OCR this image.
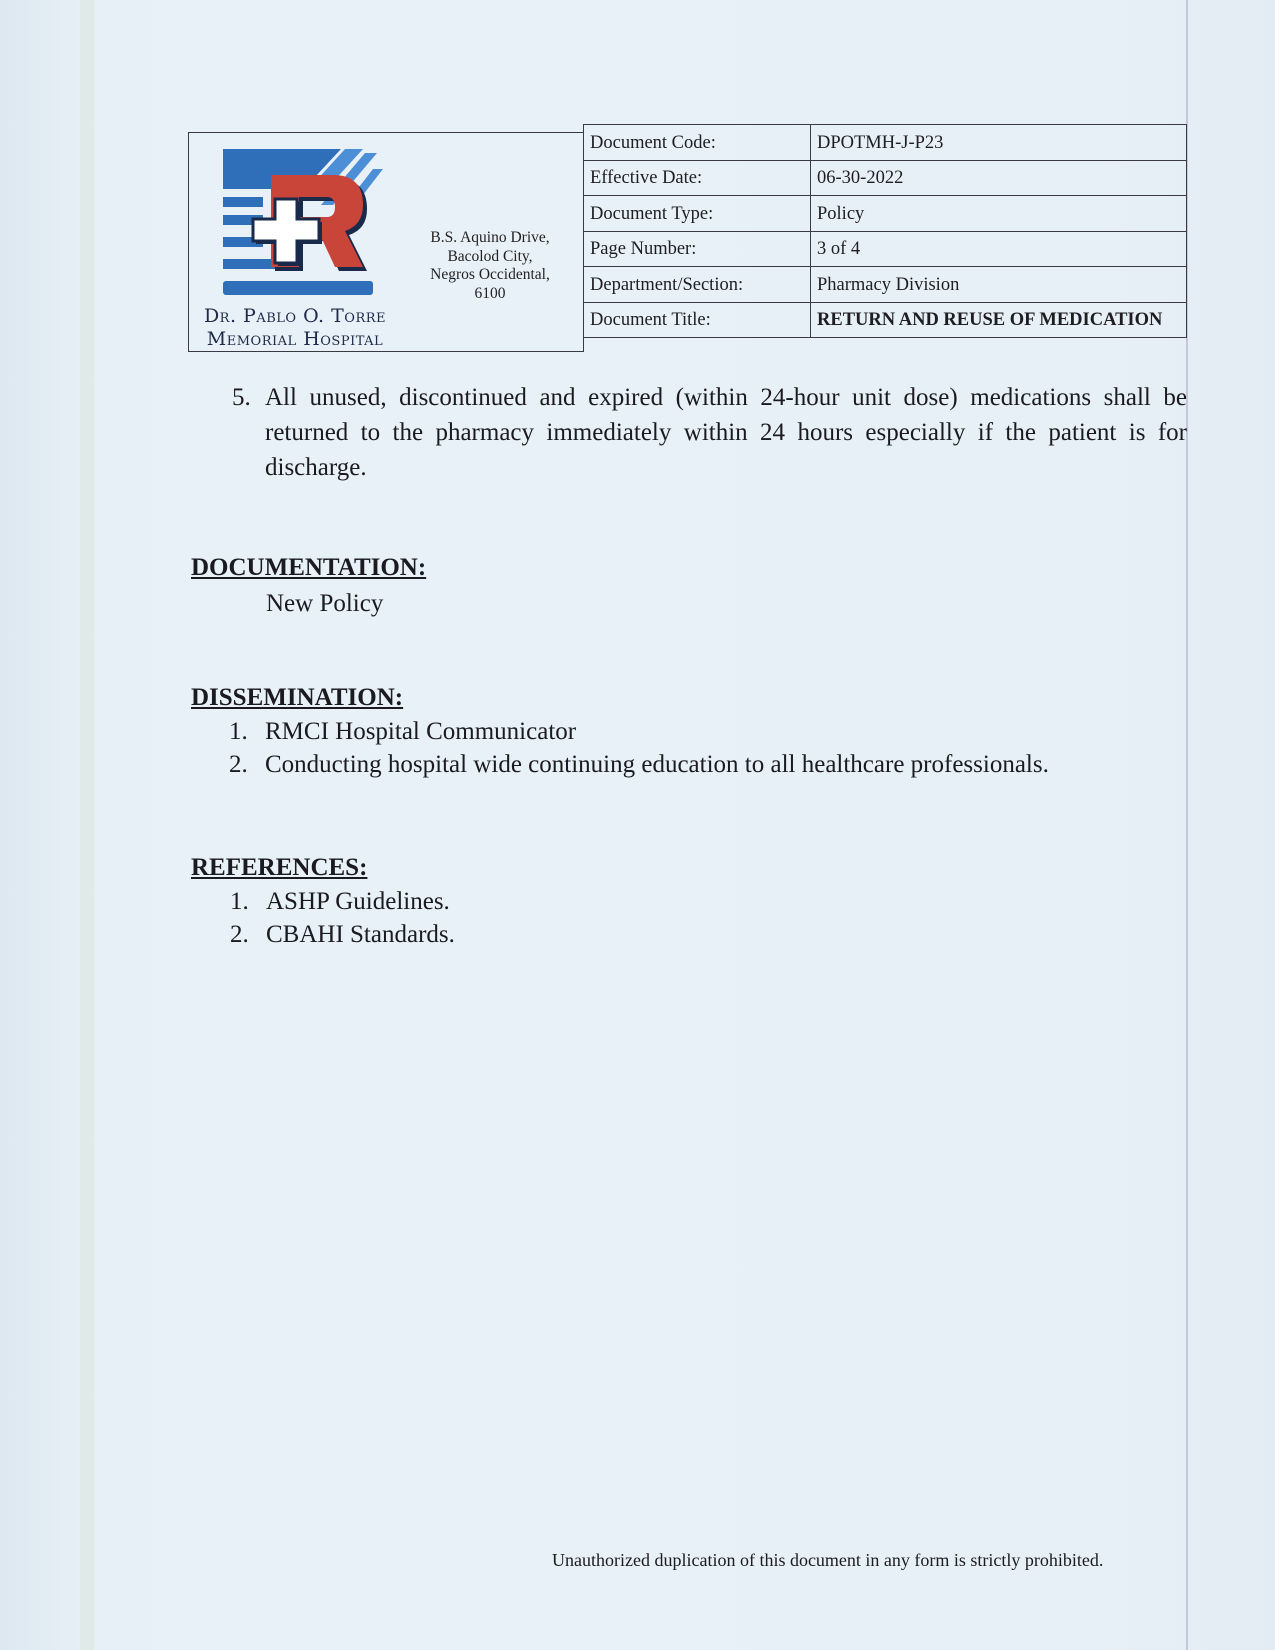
Dr. Pablo O. Torre
Memorial Hospital
B.S. Aquino Drive,
Bacolod City,
Negros Occidental,
6100
Document Code:	DPOTMH-J-P23
Effective Date:	06-30-2022
Document Type:	Policy
Page Number:	3 of 4
Department/Section:	Pharmacy Division
Document Title:	RETURN AND REUSE OF MEDICATION
5. All unused, discontinued and expired (within 24-hour unit dose) medications shall be returned to the pharmacy immediately within 24 hours especially if the patient is for discharge.
DOCUMENTATION:
New Policy
DISSEMINATION:
1. RMCI Hospital Communicator
2. Conducting hospital wide continuing education to all healthcare professionals.
REFERENCES:
1. ASHP Guidelines.
2. CBAHI Standards.
Unauthorized duplication of this document in any form is strictly prohibited.
